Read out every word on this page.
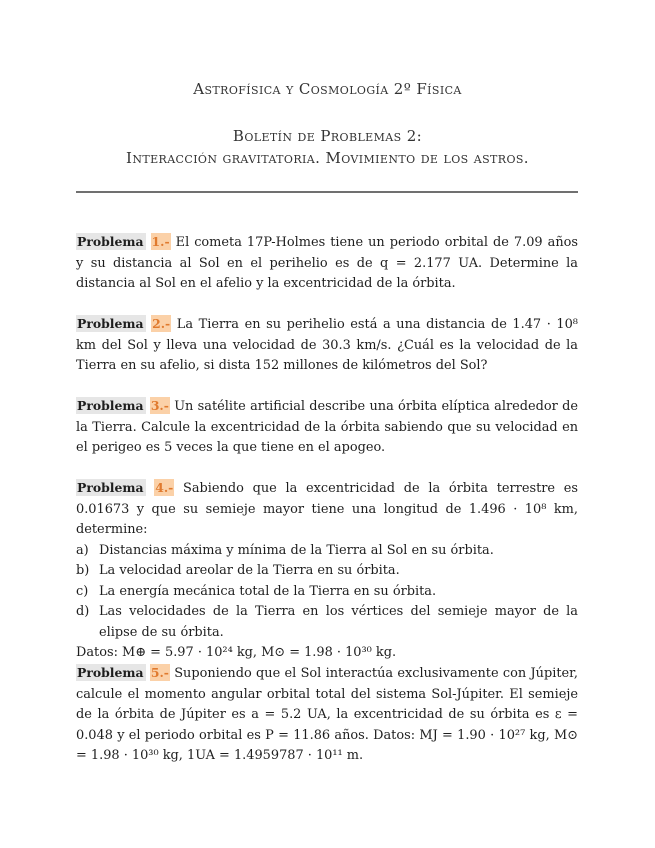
Astrofísica y Cosmología 2º Física
Boletín de Problemas 2:
Interacción gravitatoria. Movimiento de los astros.
Problema 1.- El cometa 17P-Holmes tiene un periodo orbital de 7.09 años y su distancia al Sol en el perihelio es de q = 2.177 UA. Determine la distancia al Sol en el afelio y la excentricidad de la órbita.
Problema 2.- La Tierra en su perihelio está a una distancia de 1.47 · 10⁸ km del Sol y lleva una velocidad de 30.3 km/s. ¿Cuál es la velocidad de la Tierra en su afelio, si dista 152 millones de kilómetros del Sol?
Problema 3.- Un satélite artificial describe una órbita elíptica alrededor de la Tierra. Calcule la excentricidad de la órbita sabiendo que su velocidad en el perigeo es 5 veces la que tiene en el apogeo.
Problema 4.- Sabiendo que la excentricidad de la órbita terrestre es 0.01673 y que su semieje mayor tiene una longitud de 1.496 · 10⁸ km, determine:
a) Distancias máxima y mínima de la Tierra al Sol en su órbita.
b) La velocidad areolar de la Tierra en su órbita.
c) La energía mecánica total de la Tierra en su órbita.
d) Las velocidades de la Tierra en los vértices del semieje mayor de la elipse de su órbita.
Datos: M⊕ = 5.97 · 10²⁴ kg, M⊙ = 1.98 · 10³⁰ kg.
Problema 5.- Suponiendo que el Sol interactúa exclusivamente con Júpiter, calcule el momento angular orbital total del sistema Sol-Júpiter. El semieje de la órbita de Júpiter es a = 5.2 UA, la excentricidad de su órbita es ε = 0.048 y el periodo orbital es P = 11.86 años. Datos: MJ = 1.90 · 10²⁷ kg, M⊙ = 1.98 · 10³⁰ kg, 1UA = 1.4959787 · 10¹¹ m.
